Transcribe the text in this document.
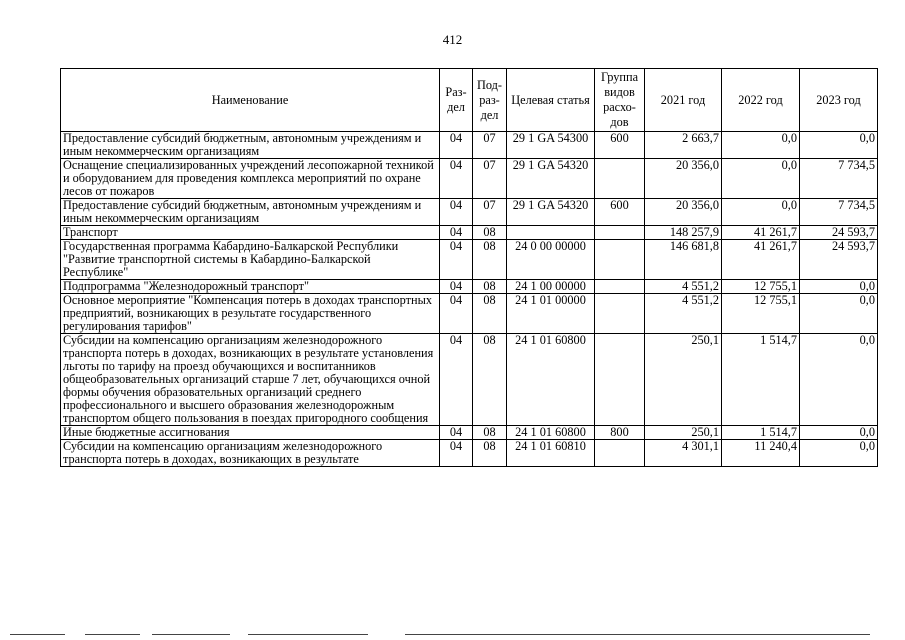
412
Наименование	Раз- дел	Под- раз- дел	Целевая статья	Группа видов расхо- дов	2021 год	2022 год	2023 год
Предоставление субсидий бюджетным, автономным учреждениям и иным некоммерческим организациям	04	07	29 1 GA 54300	600	2 663,7	0,0	0,0
Оснащение специализированных учреждений лесопожарной техникой и оборудованием для проведения комплекса мероприятий по охране лесов от пожаров	04	07	29 1 GA 54320		20 356,0	0,0	7 734,5
Предоставление субсидий бюджетным, автономным учреждениям и иным некоммерческим организациям	04	07	29 1 GA 54320	600	20 356,0	0,0	7 734,5
Транспорт	04	08			148 257,9	41 261,7	24 593,7
Государственная программа Кабардино-Балкарской Республики "Развитие транспортной системы в Кабардино-Балкарской Республике"	04	08	24 0 00 00000		146 681,8	41 261,7	24 593,7
Подпрограмма "Железнодорожный транспорт"	04	08	24 1 00 00000		4 551,2	12 755,1	0,0
Основное мероприятие "Компенсация потерь в доходах транспортных предприятий, возникающих в результате государственного регулирования тарифов"	04	08	24 1 01 00000		4 551,2	12 755,1	0,0
Субсидии на компенсацию организациям железнодорожного транспорта потерь в доходах, возникающих в результате установления льготы по тарифу на проезд обучающихся и воспитанников общеобразовательных организаций старше 7 лет, обучающихся очной формы обучения образовательных организаций среднего профессионального и высшего образования железнодорожным транспортом общего пользования в поездах пригородного сообщения	04	08	24 1 01 60800		250,1	1 514,7	0,0
Иные бюджетные ассигнования	04	08	24 1 01 60800	800	250,1	1 514,7	0,0
Субсидии на компенсацию организациям железнодорожного транспорта потерь в доходах, возникающих в результате	04	08	24 1 01 60810		4 301,1	11 240,4	0,0
